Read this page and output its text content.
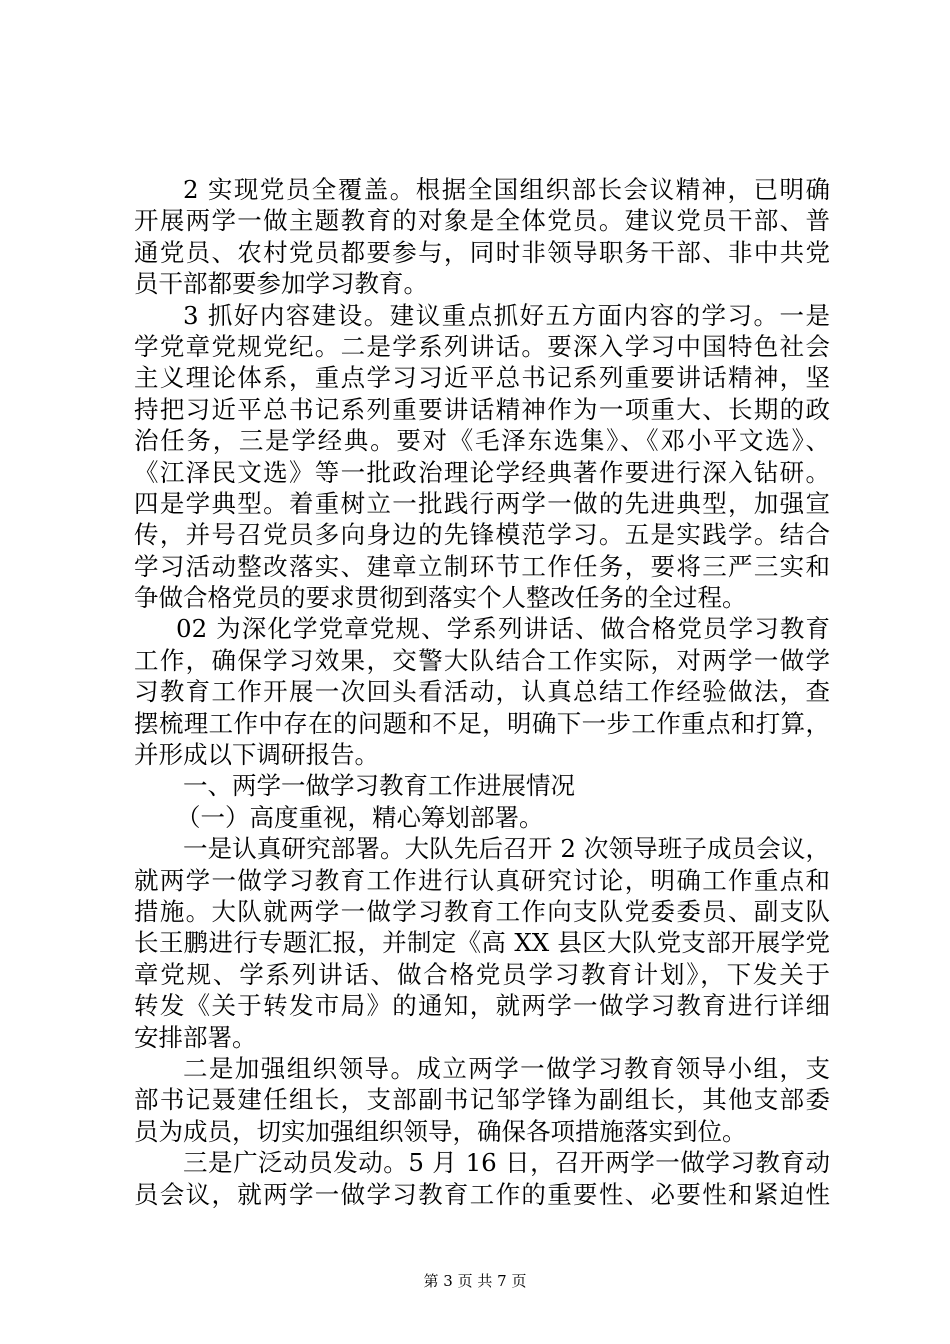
2 实现党员全覆盖。根据全国组织部长会议精神，已明确
开展两学一做主题教育的对象是全体党员。建议党员干部、普
通党员、农村党员都要参与，同时非领导职务干部、非中共党
员干部都要参加学习教育。
3 抓好内容建设。建议重点抓好五方面内容的学习。一是
学党章党规党纪。二是学系列讲话。要深入学习中国特色社会
主义理论体系，重点学习习近平总书记系列重要讲话精神，坚
持把习近平总书记系列重要讲话精神作为一项重大、长期的政
治任务，三是学经典。要对《毛泽东选集》、《邓小平文选》、
《江泽民文选》等一批政治理论学经典著作要进行深入钻研。
四是学典型。着重树立一批践行两学一做的先进典型，加强宣
传，并号召党员多向身边的先锋模范学习。五是实践学。结合
学习活动整改落实、建章立制环节工作任务，要将三严三实和
争做合格党员的要求贯彻到落实个人整改任务的全过程。
02 为深化学党章党规、学系列讲话、做合格党员学习教育
工作，确保学习效果，交警大队结合工作实际，对两学一做学
习教育工作开展一次回头看活动，认真总结工作经验做法，查
摆梳理工作中存在的问题和不足，明确下一步工作重点和打算，
并形成以下调研报告。
一、两学一做学习教育工作进展情况
（一）高度重视，精心筹划部署。
一是认真研究部署。大队先后召开 2 次领导班子成员会议，
就两学一做学习教育工作进行认真研究讨论，明确工作重点和
措施。大队就两学一做学习教育工作向支队党委委员、副支队
长王鹏进行专题汇报，并制定《高 XX 县区大队党支部开展学党
章党规、学系列讲话、做合格党员学习教育计划》，下发关于
转发《关于转发市局》的通知，就两学一做学习教育进行详细
安排部署。
二是加强组织领导。成立两学一做学习教育领导小组，支
部书记聂建任组长，支部副书记邹学锋为副组长，其他支部委
员为成员，切实加强组织领导，确保各项措施落实到位。
三是广泛动员发动。5 月 16 日，召开两学一做学习教育动
员会议，就两学一做学习教育工作的重要性、必要性和紧迫性
第 3 页 共 7 页
